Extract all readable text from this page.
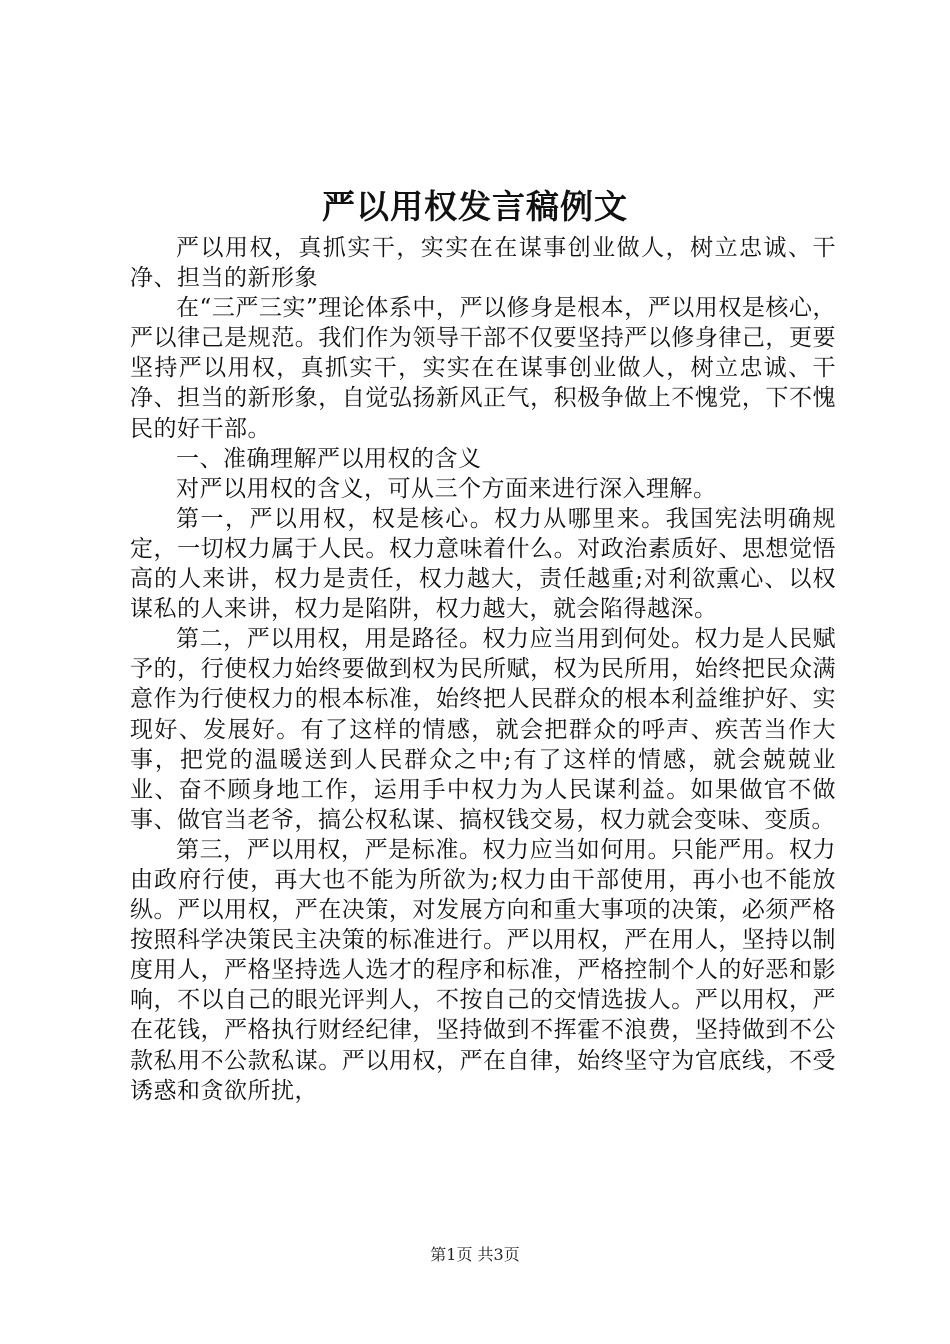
严以用权发言稿例文

严以用权，真抓实干，实实在在谋事创业做人，树立忠诚、干净、担当的新形象

在“三严三实”理论体系中，严以修身是根本，严以用权是核心，严以律己是规范。我们作为领导干部不仅要坚持严以修身律己，更要坚持严以用权，真抓实干，实实在在谋事创业做人，树立忠诚、干净、担当的新形象，自觉弘扬新风正气，积极争做上不愧党，下不愧民的好干部。

一、准确理解严以用权的含义

对严以用权的含义，可从三个方面来进行深入理解。

第一，严以用权，权是核心。权力从哪里来。我国宪法明确规定，一切权力属于人民。权力意味着什么。对政治素质好、思想觉悟高的人来讲，权力是责任，权力越大，责任越重;对利欲熏心、以权谋私的人来讲，权力是陷阱，权力越大，就会陷得越深。

第二，严以用权，用是路径。权力应当用到何处。权力是人民赋予的，行使权力始终要做到权为民所赋，权为民所用，始终把民众满意作为行使权力的根本标准，始终把人民群众的根本利益维护好、实现好、发展好。有了这样的情感，就会把群众的呼声、疾苦当作大事，把党的温暖送到人民群众之中;有了这样的情感，就会兢兢业业、奋不顾身地工作，运用手中权力为人民谋利益。如果做官不做事、做官当老爷，搞公权私谋、搞权钱交易，权力就会变味、变质。

第三，严以用权，严是标准。权力应当如何用。只能严用。权力由政府行使，再大也不能为所欲为;权力由干部使用，再小也不能放纵。严以用权，严在决策，对发展方向和重大事项的决策，必须严格按照科学决策民主决策的标准进行。严以用权，严在用人，坚持以制度用人，严格坚持选人选才的程序和标准，严格控制个人的好恶和影响，不以自己的眼光评判人，不按自己的交情选拔人。严以用权，严在花钱，严格执行财经纪律，坚持做到不挥霍不浪费，坚持做到不公款私用不公款私谋。严以用权，严在自律，始终坚守为官底线，不受诱惑和贪欲所扰，

第1页 共3页
